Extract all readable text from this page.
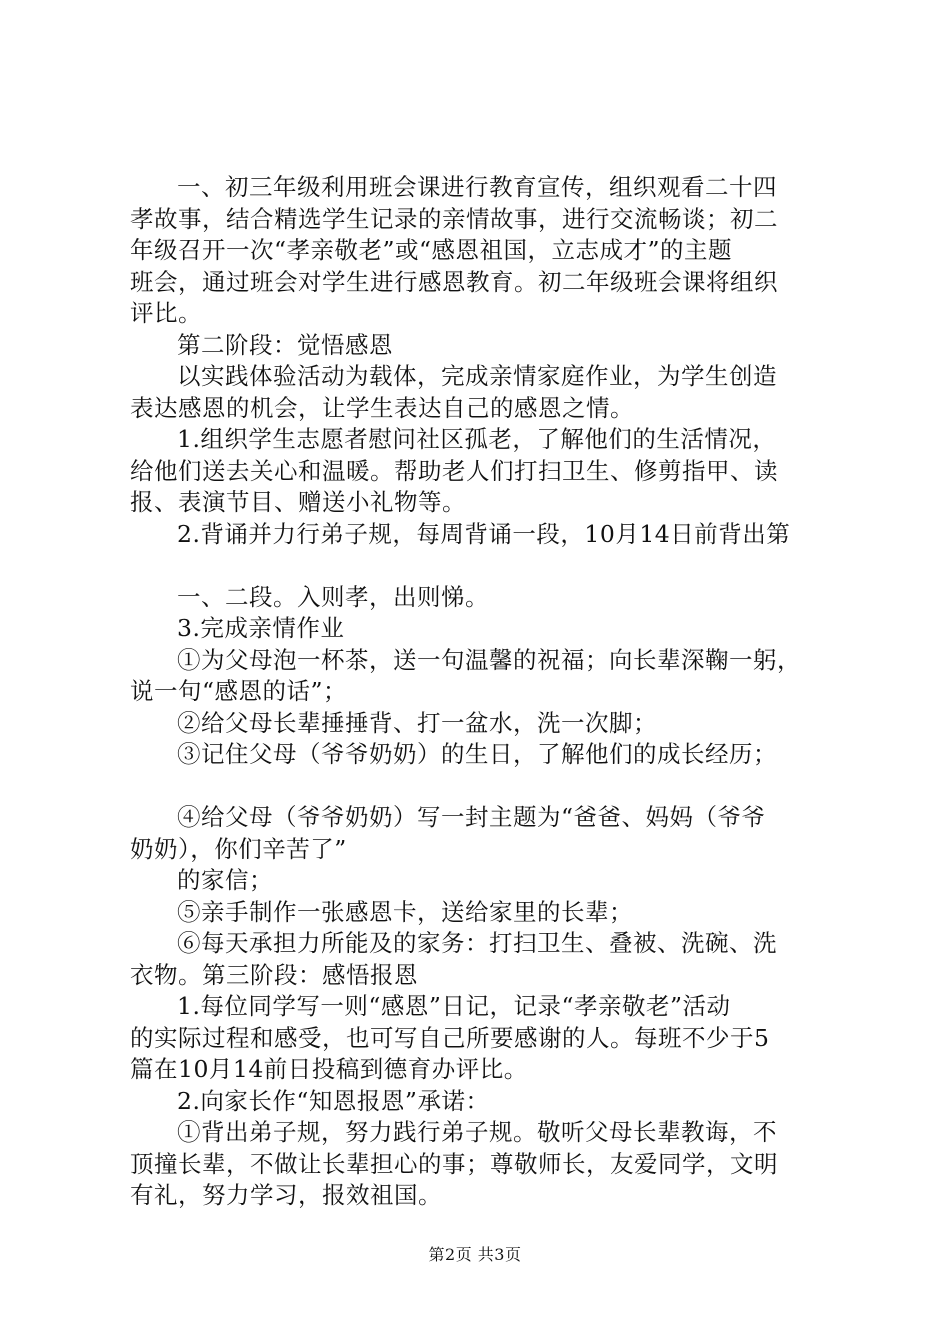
一、初三年级利用班会课进行教育宣传，组织观看二十四
孝故事，结合精选学生记录的亲情故事，进行交流畅谈；初二
年级召开一次“孝亲敬老”或“感恩祖国，立志成才”的主题
班会，通过班会对学生进行感恩教育。初二年级班会课将组织
评比。
第二阶段：觉悟感恩
以实践体验活动为载体，完成亲情家庭作业，为学生创造
表达感恩的机会，让学生表达自己的感恩之情。
1.组织学生志愿者慰问社区孤老，了解他们的生活情况，
给他们送去关心和温暖。帮助老人们打扫卫生、修剪指甲、读
报、表演节目、赠送小礼物等。
2.背诵并力行弟子规，每周背诵一段，10月14日前背出第
一、二段。入则孝，出则悌。
3.完成亲情作业
①为父母泡一杯茶，送一句温馨的祝福；向长辈深鞠一躬，
说一句“感恩的话”；
②给父母长辈捶捶背、打一盆水，洗一次脚；
③记住父母（爷爷奶奶）的生日，了解他们的成长经历；
④给父母（爷爷奶奶）写一封主题为“爸爸、妈妈（爷爷
奶奶），你们辛苦了”
的家信；
⑤亲手制作一张感恩卡，送给家里的长辈；
⑥每天承担力所能及的家务：打扫卫生、叠被、洗碗、洗
衣物。第三阶段：感悟报恩
1.每位同学写一则“感恩”日记，记录“孝亲敬老”活动
的实际过程和感受，也可写自己所要感谢的人。每班不少于5
篇在10月14前日投稿到德育办评比。
2.向家长作“知恩报恩”承诺：
①背出弟子规，努力践行弟子规。敬听父母长辈教诲，不
顶撞长辈，不做让长辈担心的事；尊敬师长，友爱同学，文明
有礼，努力学习，报效祖国。
第2页 共3页
